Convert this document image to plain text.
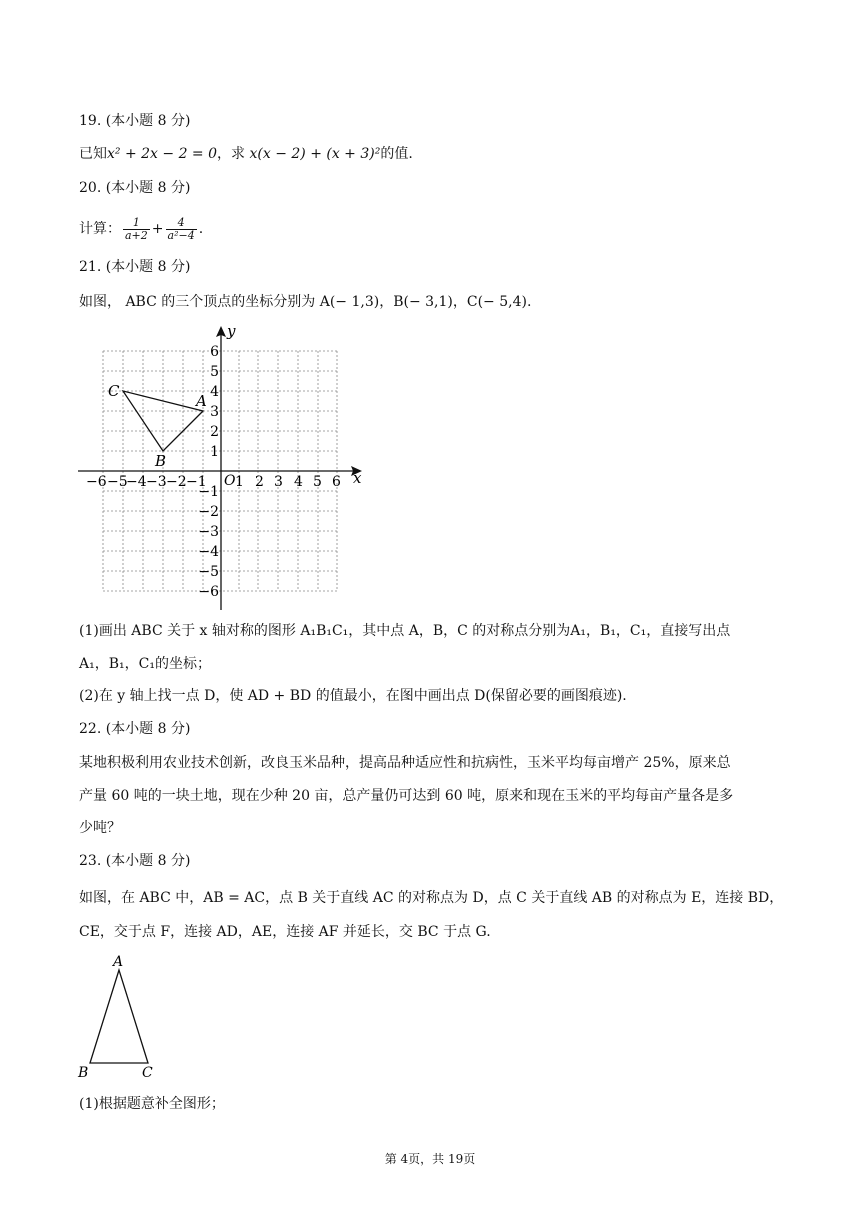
19. (本小题 8 分)
已知x² + 2x − 2 = 0，求 x(x − 2) + (x + 3)²的值.
20. (本小题 8 分)
计算： $\frac{1}{a+2} + \frac{4}{\text{a²−4}}$ .
21. (本小题 8 分)
如图， ABC 的三个顶点的坐标分别为 A(− 1,3)，B(− 3,1)，C(− 5,4).
x
y
O
−6 −5
−4 −3 −2 −1 1 2 3 4 5 6
1
2
3
4
5
6
−1
−2
−3
−4
−5
−6
A
B
C
(1)画出 ABC 关于 x 轴对称的图形 A₁B₁C₁，其中点 A，B，C 的对称点分别为A₁，B₁，C₁，直接写出点
A₁，B₁，C₁的坐标；
(2)在 y 轴上找一点 D，使 AD + BD 的值最小，在图中画出点 D(保留必要的画图痕迹).
22. (本小题 8 分)
某地积极利用农业技术创新，改良玉米品种，提高品种适应性和抗病性，玉米平均每亩增产 25%，原来总
产量 60 吨的一块土地，现在少种 20 亩，总产量仍可达到 60 吨，原来和现在玉米的平均每亩产量各是多
少吨？
23. (本小题 8 分)
如图，在 ABC 中，AB = AC，点 B 关于直线 AC 的对称点为 D，点 C 关于直线 AB 的对称点为 E，连接 BD，
CE，交于点 F，连接 AD，AE，连接 AF 并延长，交 BC 于点 G.
A
B	C
(1)根据题意补全图形；
第 4页，共 19页
